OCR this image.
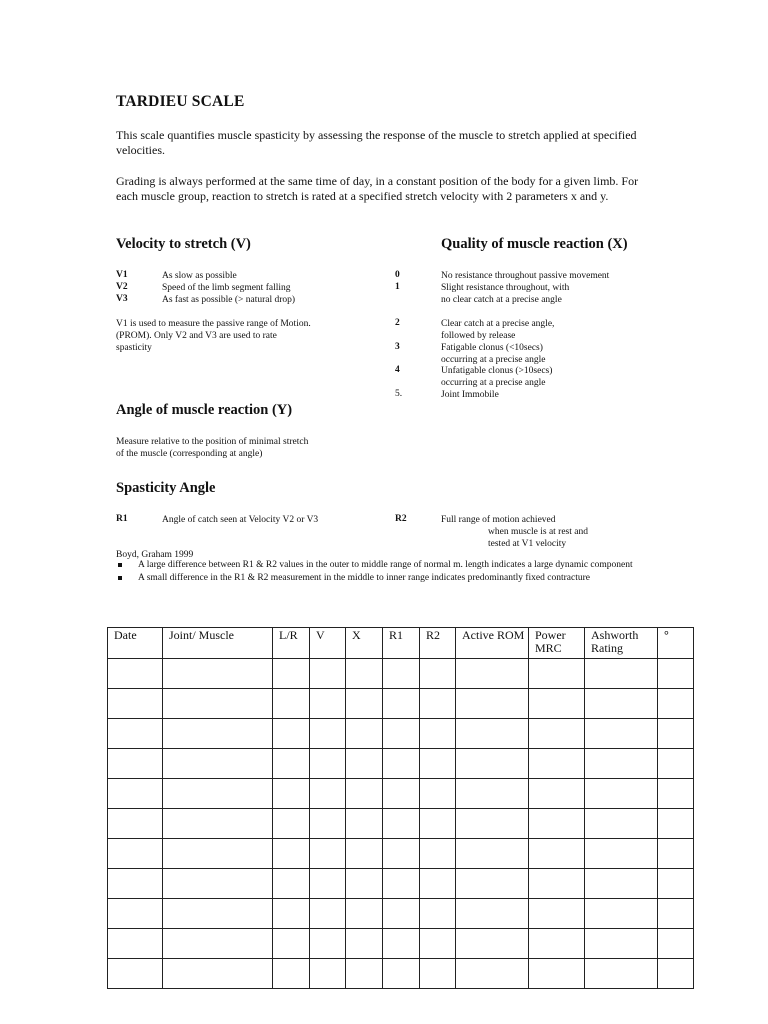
TARDIEU SCALE
This scale quantifies muscle spasticity by assessing the response of the muscle to stretch applied at specified velocities.
Grading is always performed at the same time of day, in a constant position of the body for a given limb. For each muscle group, reaction to stretch is rated at a specified stretch velocity with 2 parameters x and y.
Velocity to stretch (V)
V1	As slow as possible
V2	Speed of the limb segment falling
V3	As fast as possible (> natural drop)
V1 is used to measure the passive range of Motion. (PROM). Only V2 and V3 are used to rate spasticity
Quality of muscle reaction (X)
0	No resistance throughout passive movement
1	Slight resistance throughout, with no clear catch at a precise angle
2	Clear catch at a precise angle, followed by release
3	Fatigable clonus (<10secs) occurring at a precise angle
4	Unfatigable clonus (>10secs) occurring at a precise angle
5.	Joint Immobile
Angle of muscle reaction (Y)
Measure relative to the position of minimal stretch of the muscle (corresponding at angle)
Spasticity Angle
R1	Angle of catch seen at Velocity V2 or V3	R2	Full range of motion achieved
when muscle is at rest and
tested at V1 velocity
Boyd, Graham 1999
A large difference between R1 & R2 values in the outer to middle range of normal m. length indicates a large dynamic component
A small difference in the R1 & R2 measurement in the middle to inner range indicates predominantly fixed contracture
Date	Joint/ Muscle	L/R	V	X	R1	R2	Active ROM	Power MRC	Ashworth Rating	°
